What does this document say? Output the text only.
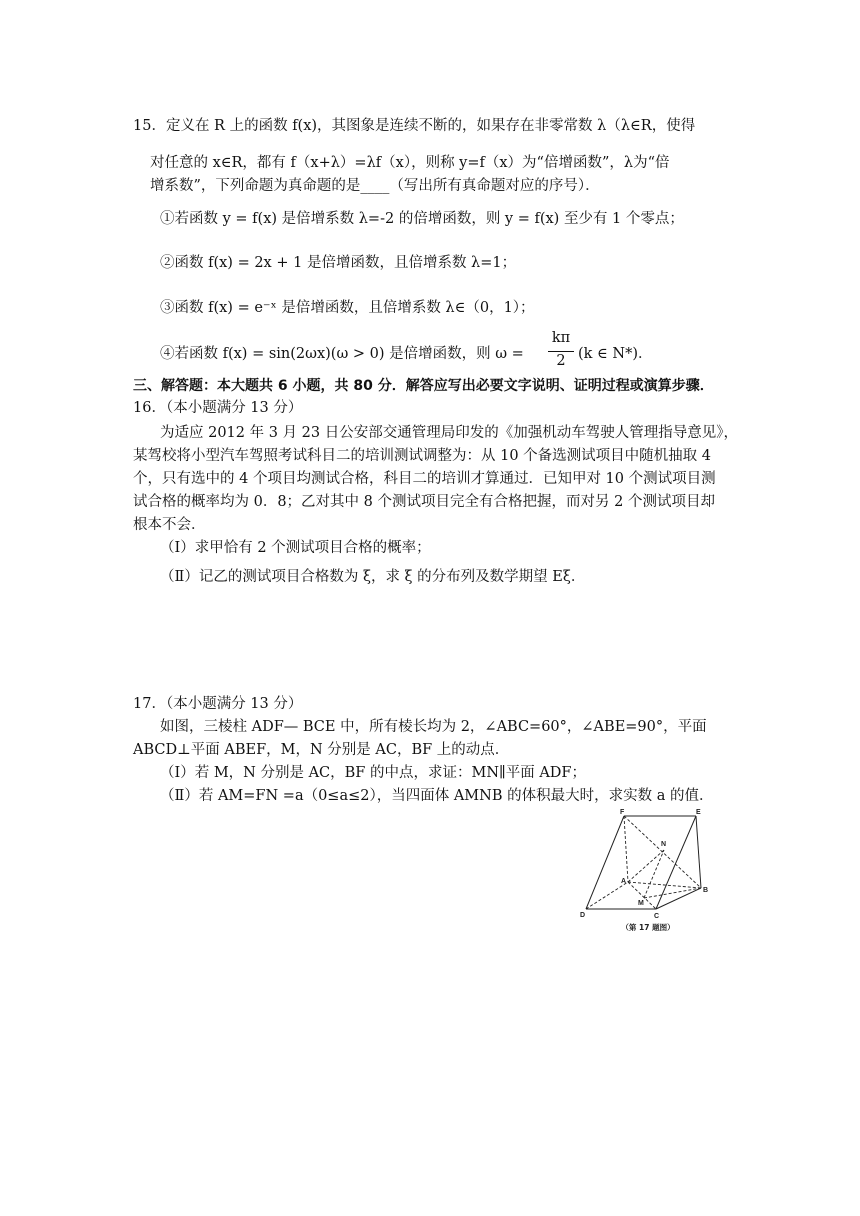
15．定义在 R 上的函数 f(x)，其图象是连续不断的，如果存在非零常数 λ（λ∈R，使得
对任意的 x∈R，都有 f（x+λ）=λf（x），则称 y=f（x）为“倍增函数”，λ为“倍
增系数”，下列命题为真命题的是____（写出所有真命题对应的序号）．
①若函数 y = f(x) 是倍增系数 λ=-2 的倍增函数，则 y = f(x) 至少有 1 个零点；
②函数 f(x) = 2x + 1 是倍增函数，且倍增系数 λ=1；
③函数 f(x) = e⁻ˣ 是倍增函数，且倍增系数 λ∈（0，1）；
④若函数 f(x) = sin(2ωx)(ω > 0) 是倍增函数，则 ω =
kπ
2 (k ∈ N*)．
三、解答题：本大题共 6 小题，共 80 分．解答应写出必要文字说明、证明过程或演算步骤．
16．（本小题满分 13 分）
为适应 2012 年 3 月 23 日公安部交通管理局印发的《加强机动车驾驶人管理指导意见》，
某驾校将小型汽车驾照考试科目二的培训测试调整为：从 10 个备选测试项目中随机抽取 4
个，只有选中的 4 个项目均测试合格，科目二的培训才算通过．已知甲对 10 个测试项目测
试合格的概率均为 0．8；乙对其中 8 个测试项目完全有合格把握，而对另 2 个测试项目却
根本不会．
（Ⅰ）求甲恰有 2 个测试项目合格的概率；
（Ⅱ）记乙的测试项目合格数为 ξ，求 ξ 的分布列及数学期望 Eξ．
17．（本小题满分 13 分）
如图，三棱柱 ADF— BCE 中，所有棱长均为 2，∠ABC=60°，∠ABE=90°，平面
ABCD⊥平面 ABEF，M，N 分别是 AC，BF 上的动点．
（Ⅰ）若 M，N 分别是 AC，BF 的中点，求证：MN∥平面 ADF；
（Ⅱ）若 AM=FN =a（0≤a≤2），当四面体 AMNB 的体积最大时，求实数 a 的值．
F	E
N
A
B
M
C
D
（第 17 题图）
